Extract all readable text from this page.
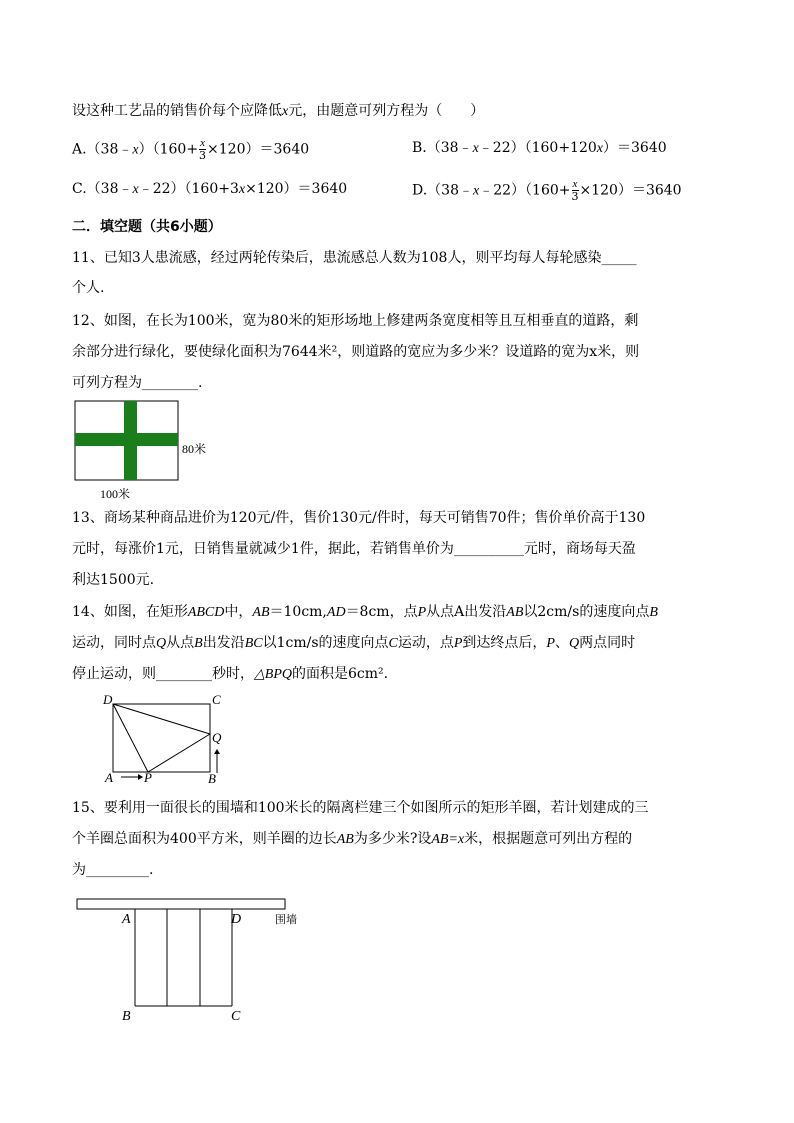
设这种工艺品的销售价每个应降低x元，由题意可列方程为（　　）
A.（38﹣x）（160+ $\frac{x}{3} \times 120)=3640$	B.（38﹣x﹣22）（160+120x）＝3640
C.（38﹣x﹣22）（160+3x×120）＝3640	D.（38﹣x﹣22）（160+ $\frac{x}{3} \times 120)=3640$
二．填空题（共6小题）
11、已知3人患流感，经过两轮传染后，患流感总人数为108人，则平均每人每轮感染_____
个人.
12、如图，在长为100米，宽为80米的矩形场地上修建两条宽度相等且互相垂直的道路，剩
余部分进行绿化，要使绿化面积为7644米²，则道路的宽应为多少米？设道路的宽为x米，则
可列方程为________.
80米
100米
13、商场某种商品进价为120元/件，售价130元/件时，每天可销售70件；售价单价高于130
元时，每涨价1元，日销售量就减少1件，据此，若销售单价为__________元时，商场每天盈
利达1500元.
14、如图，在矩形ABCD中，AB＝10cm,AD＝8cm，点P从点A出发沿AB以2cm/s的速度向点B
运动，同时点Q从点B出发沿BC以1cm/s的速度向点C运动，点P到达终点后，P、Q两点同时
停止运动，则________秒时，△BPQ的面积是6cm².
D	C
Q
A P	B
15、要利用一面很长的围墙和100米长的隔离栏建三个如图所示的矩形羊圈，若计划建成的三
个羊圈总面积为400平方米，则羊圈的边长AB为多少米?设AB=x米，根据题意可列出方程的
为_________.
A	D
B	C
围墙
